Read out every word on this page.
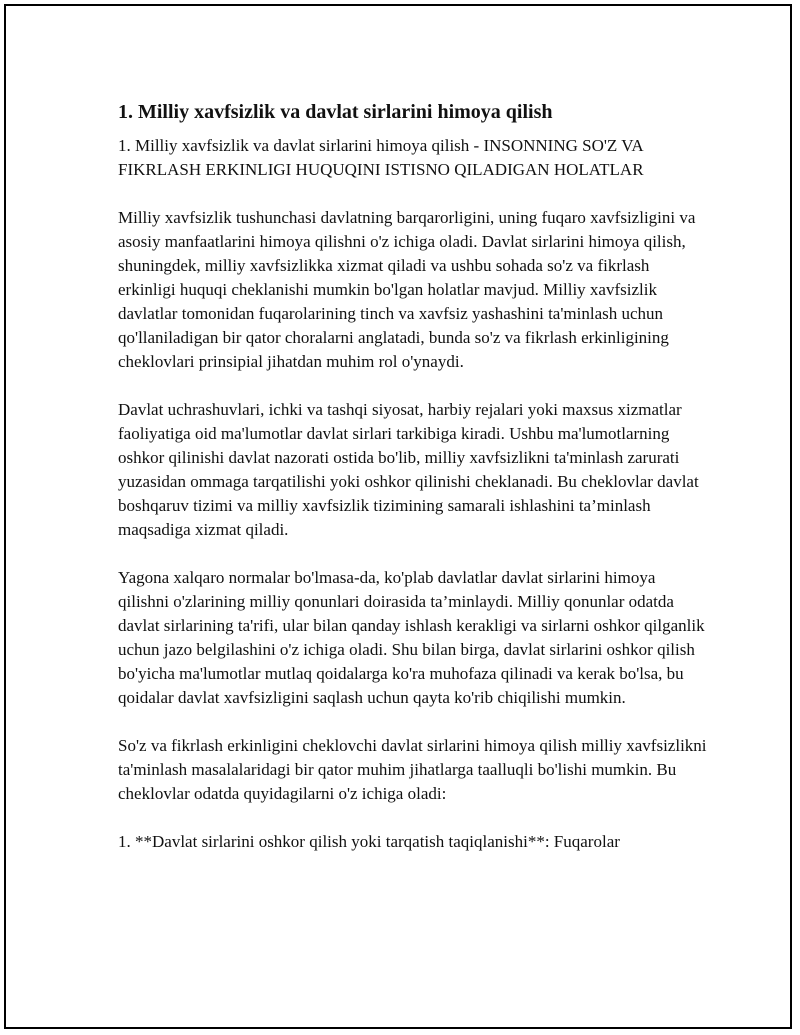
1. Milliy xavfsizlik va davlat sirlarini himoya qilish

1. Milliy xavfsizlik va davlat sirlarini himoya qilish - INSONNING SO'Z VA FIKRLASH ERKINLIGI HUQUQINI ISTISNO QILADIGAN HOLATLAR

Milliy xavfsizlik tushunchasi davlatning barqarorligini, uning fuqaro xavfsizligini va asosiy manfaatlarini himoya qilishni o'z ichiga oladi. Davlat sirlarini himoya qilish, shuningdek, milliy xavfsizlikka xizmat qiladi va ushbu sohada so'z va fikrlash erkinligi huquqi cheklanishi mumkin bo'lgan holatlar mavjud. Milliy xavfsizlik davlatlar tomonidan fuqarolarining tinch va xavfsiz yashashini ta'minlash uchun qo'llaniladigan bir qator choralarni anglatadi, bunda so'z va fikrlash erkinligining cheklovlari prinsipial jihatdan muhim rol o'ynaydi.

Davlat uchrashuvlari, ichki va tashqi siyosat, harbiy rejalari yoki maxsus xizmatlar faoliyatiga oid ma'lumotlar davlat sirlari tarkibiga kiradi. Ushbu ma'lumotlarning oshkor qilinishi davlat nazorati ostida bo'lib, milliy xavfsizlikni ta'minlash zarurati yuzasidan ommaga tarqatilishi yoki oshkor qilinishi cheklanadi. Bu cheklovlar davlat boshqaruv tizimi va milliy xavfsizlik tizimining samarali ishlashini ta’minlash maqsadiga xizmat qiladi.

Yagona xalqaro normalar bo'lmasa-da, ko'plab davlatlar davlat sirlarini himoya qilishni o'zlarining milliy qonunlari doirasida ta’minlaydi. Milliy qonunlar odatda davlat sirlarining ta'rifi, ular bilan qanday ishlash kerakligi va sirlarni oshkor qilganlik uchun jazo belgilashini o'z ichiga oladi. Shu bilan birga, davlat sirlarini oshkor qilish bo'yicha ma'lumotlar mutlaq qoidalarga ko'ra muhofaza qilinadi va kerak bo'lsa, bu qoidalar davlat xavfsizligini saqlash uchun qayta ko'rib chiqilishi mumkin.

So'z va fikrlash erkinligini cheklovchi davlat sirlarini himoya qilish milliy xavfsizlikni ta'minlash masalalaridagi bir qator muhim jihatlarga taalluqli bo'lishi mumkin. Bu cheklovlar odatda quyidagilarni o'z ichiga oladi:

1. **Davlat sirlarini oshkor qilish yoki tarqatish taqiqlanishi**: Fuqarolar
